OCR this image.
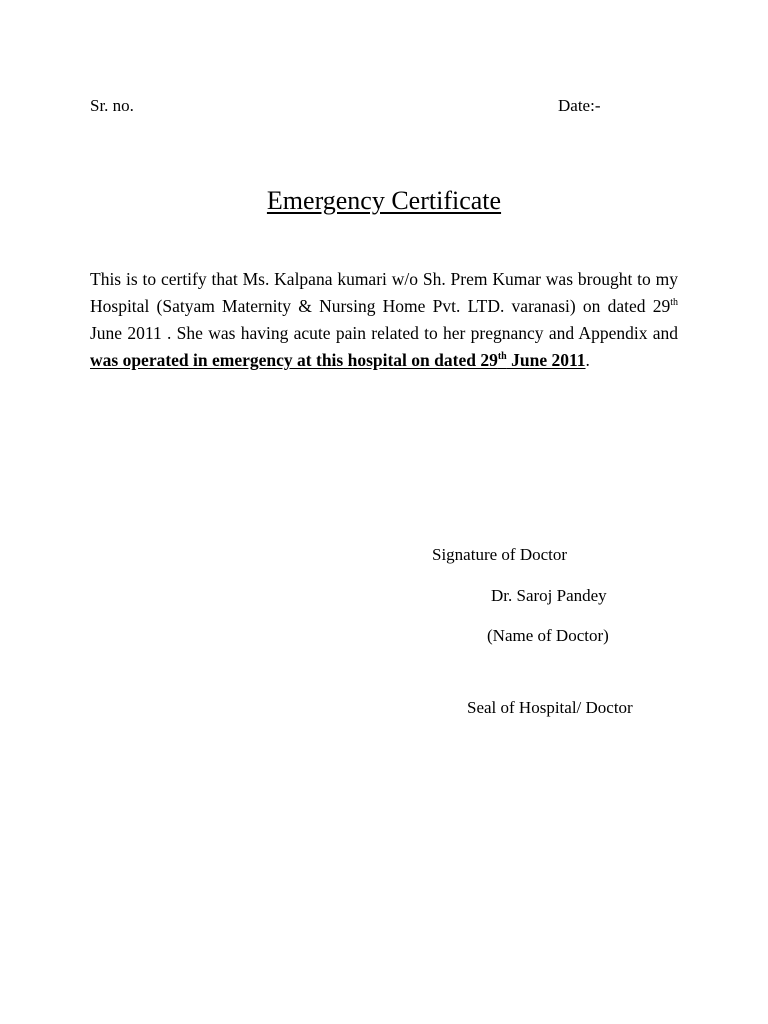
Sr. no.	Date:-
Emergency Certificate

This is to certify that Ms. Kalpana kumari w/o Sh. Prem Kumar was brought to my Hospital (Satyam Maternity & Nursing Home Pvt. LTD. varanasi) on dated 29th June 2011 . She was having acute pain related to her pregnancy and Appendix and was operated in emergency at this hospital on dated 29th June 2011.

Signature of Doctor
Dr. Saroj Pandey
(Name of Doctor)
Seal of Hospital/ Doctor
